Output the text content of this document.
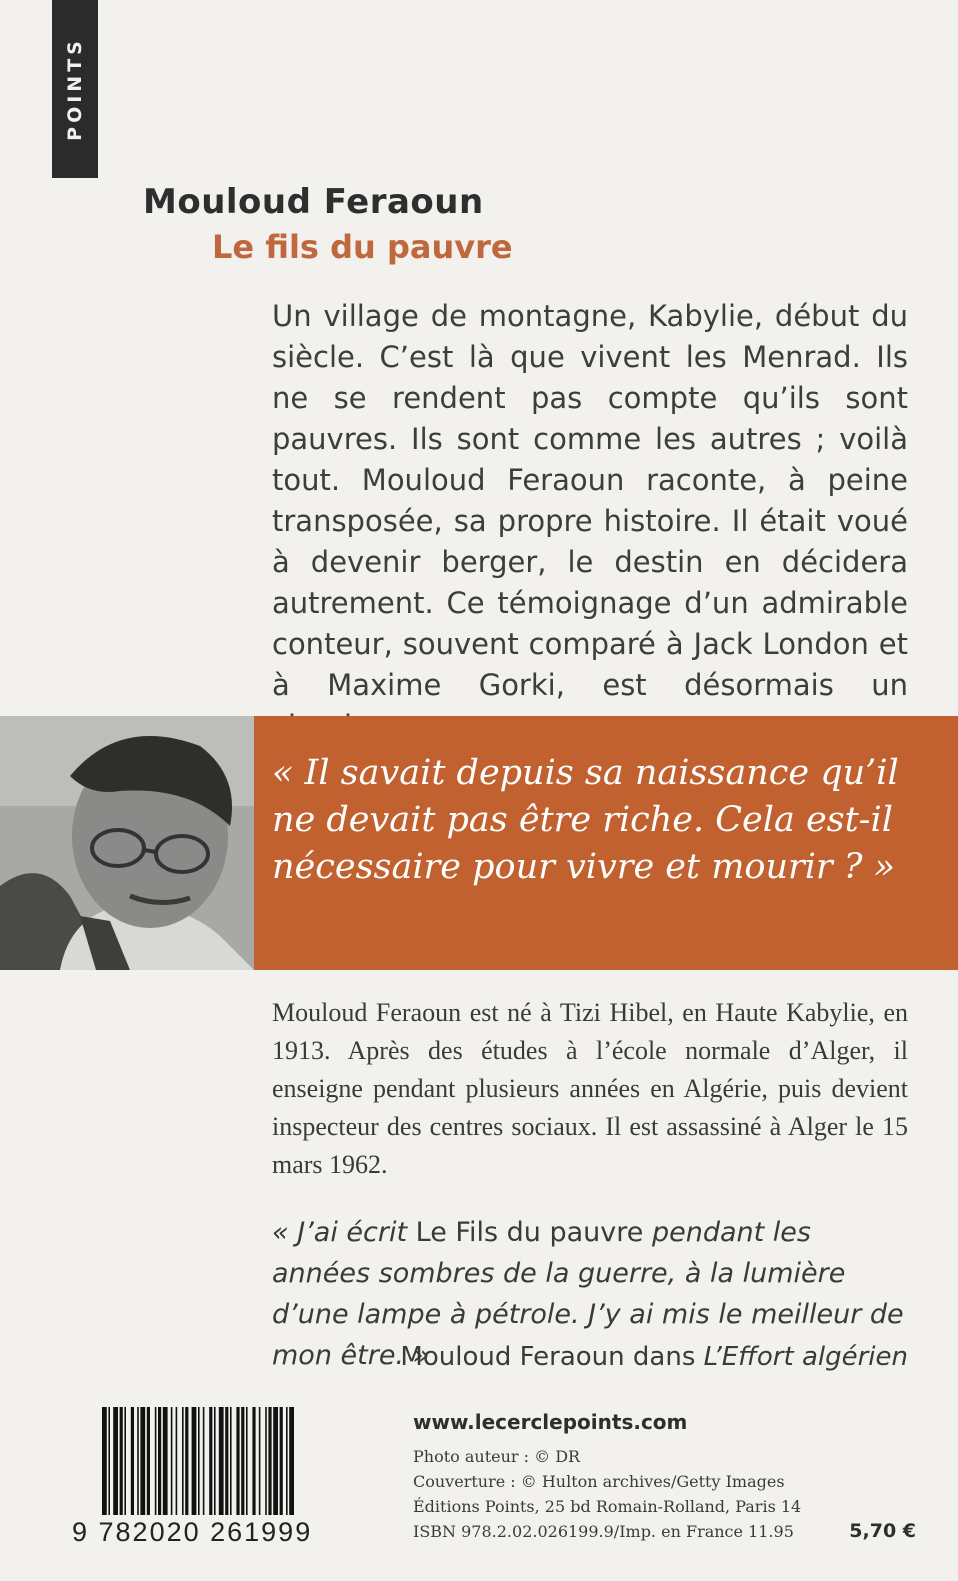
POINTS
Mouloud Feraoun
Le fils du pauvre

Un village de montagne, Kabylie, début du siècle. C’est là que vivent les Menrad. Ils ne se rendent pas compte qu’ils sont pauvres. Ils sont comme les autres ; voilà tout. Mouloud Feraoun raconte, à peine transposée, sa propre histoire. Il était voué à devenir berger, le destin en décidera autrement. Ce témoignage d’un admirable conteur, souvent comparé à Jack London et à Maxime Gorki, est désormais un

« Il savait depuis sa naissance qu’il ne devait pas être riche. Cela est-il nécessaire pour vivre et mourir ? »

Mouloud Feraoun est né à Tizi Hibel, en Haute Kabylie, en 1913. Après des études à l’école normale d’Alger, il enseigne pendant plusieurs années en Algérie, puis devient inspecteur des centres sociaux. Il est assassiné à Alger le 15 mars 1962.

« J’ai écrit Le Fils du pauvre pendant les années sombres de la guerre, à la lumière d’une lampe à pétrole. J’y ai mis le meilleur de mon être. »

Mouloud Feraoun dans L’Effort algérien
9 782020 261999
www.lecerclepoints.com
Photo auteur : © DR
Couverture : © Hulton archives/Getty Images
Éditions Points, 25 bd Romain-Rolland, Paris 14
ISBN 978.2.02.026199.9/Imp. en France 11.95	5,70 €
